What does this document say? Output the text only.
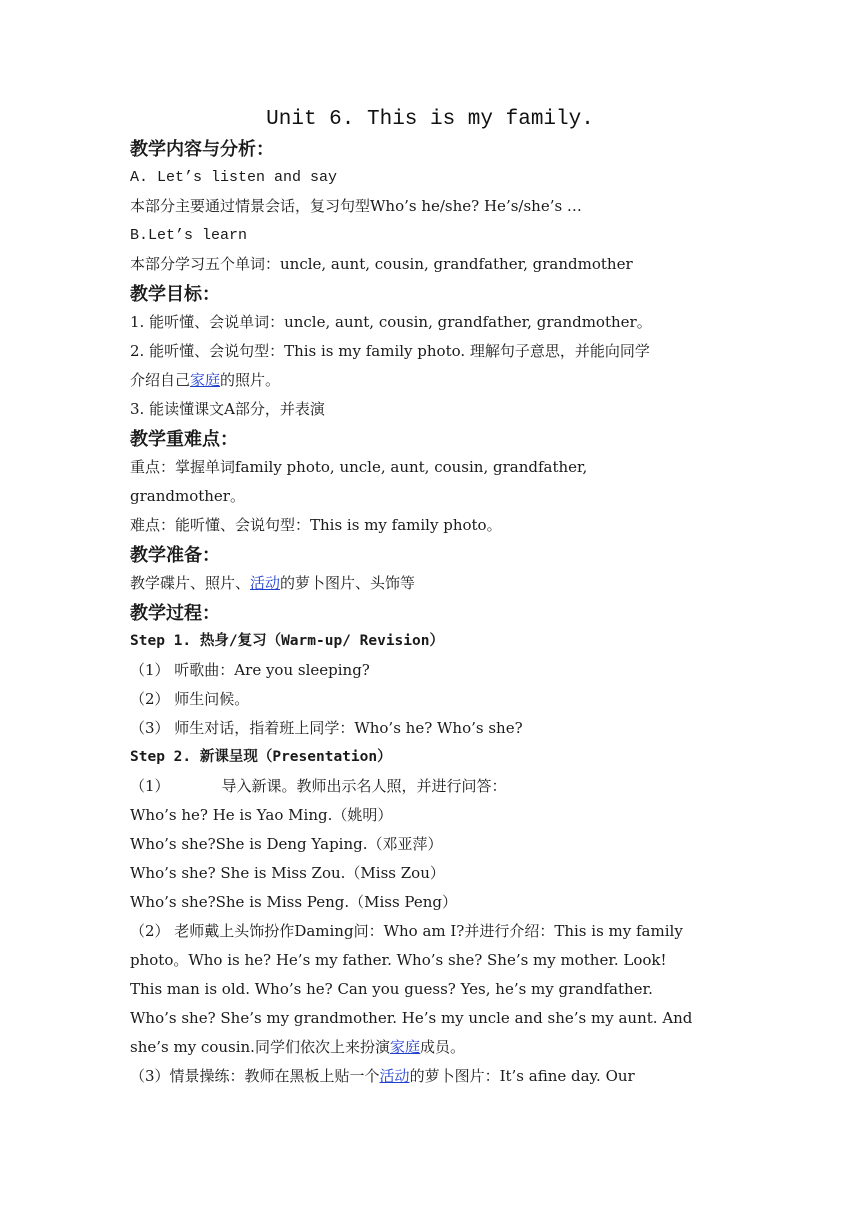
Unit 6. This is my family.
教学内容与分析：
A. Let’s listen and say
本部分主要通过情景会话，复习句型Who’s he/she? He’s/she’s …
B.Let’s learn
本部分学习五个单词：uncle, aunt, cousin, grandfather, grandmother
教学目标：
1. 能听懂、会说单词：uncle, aunt, cousin, grandfather, grandmother。
2. 能听懂、会说句型：This is my family photo. 理解句子意思，并能向同学
介绍自己家庭的照片。
3. 能读懂课文A部分，并表演
教学重难点：
重点：掌握单词family photo, uncle, aunt, cousin, grandfather,
grandmother。
难点：能听懂、会说句型：This is my family photo。
教学准备：
教学碟片、照片、活动的萝卜图片、头饰等
教学过程：
Step 1. 热身/复习（Warm-up/ Revision）
（1） 听歌曲：Are you sleeping?
（2） 师生问候。
（3） 师生对话，指着班上同学：Who’s he? Who’s she?
Step 2. 新课呈现（Presentation）
（1）	导入新课。教师出示名人照，并进行问答：
Who’s he? He is Yao Ming.（姚明）
Who’s she?She is Deng Yaping.（邓亚萍）
Who’s she? She is Miss Zou.（Miss Zou）
Who’s she?She is Miss Peng.（Miss Peng）
（2） 老师戴上头饰扮作Daming问：Who am I?并进行介绍：This is my family
photo。Who is he? He’s my father. Who’s she? She’s my mother. Look!
This man is old. Who’s he? Can you guess? Yes, he’s my grandfather.
Who’s she? She’s my grandmother. He’s my uncle and she’s my aunt. And
she’s my cousin.同学们依次上来扮演家庭成员。
（3）情景操练：教师在黑板上贴一个活动的萝卜图片：It’s afine day. Our
